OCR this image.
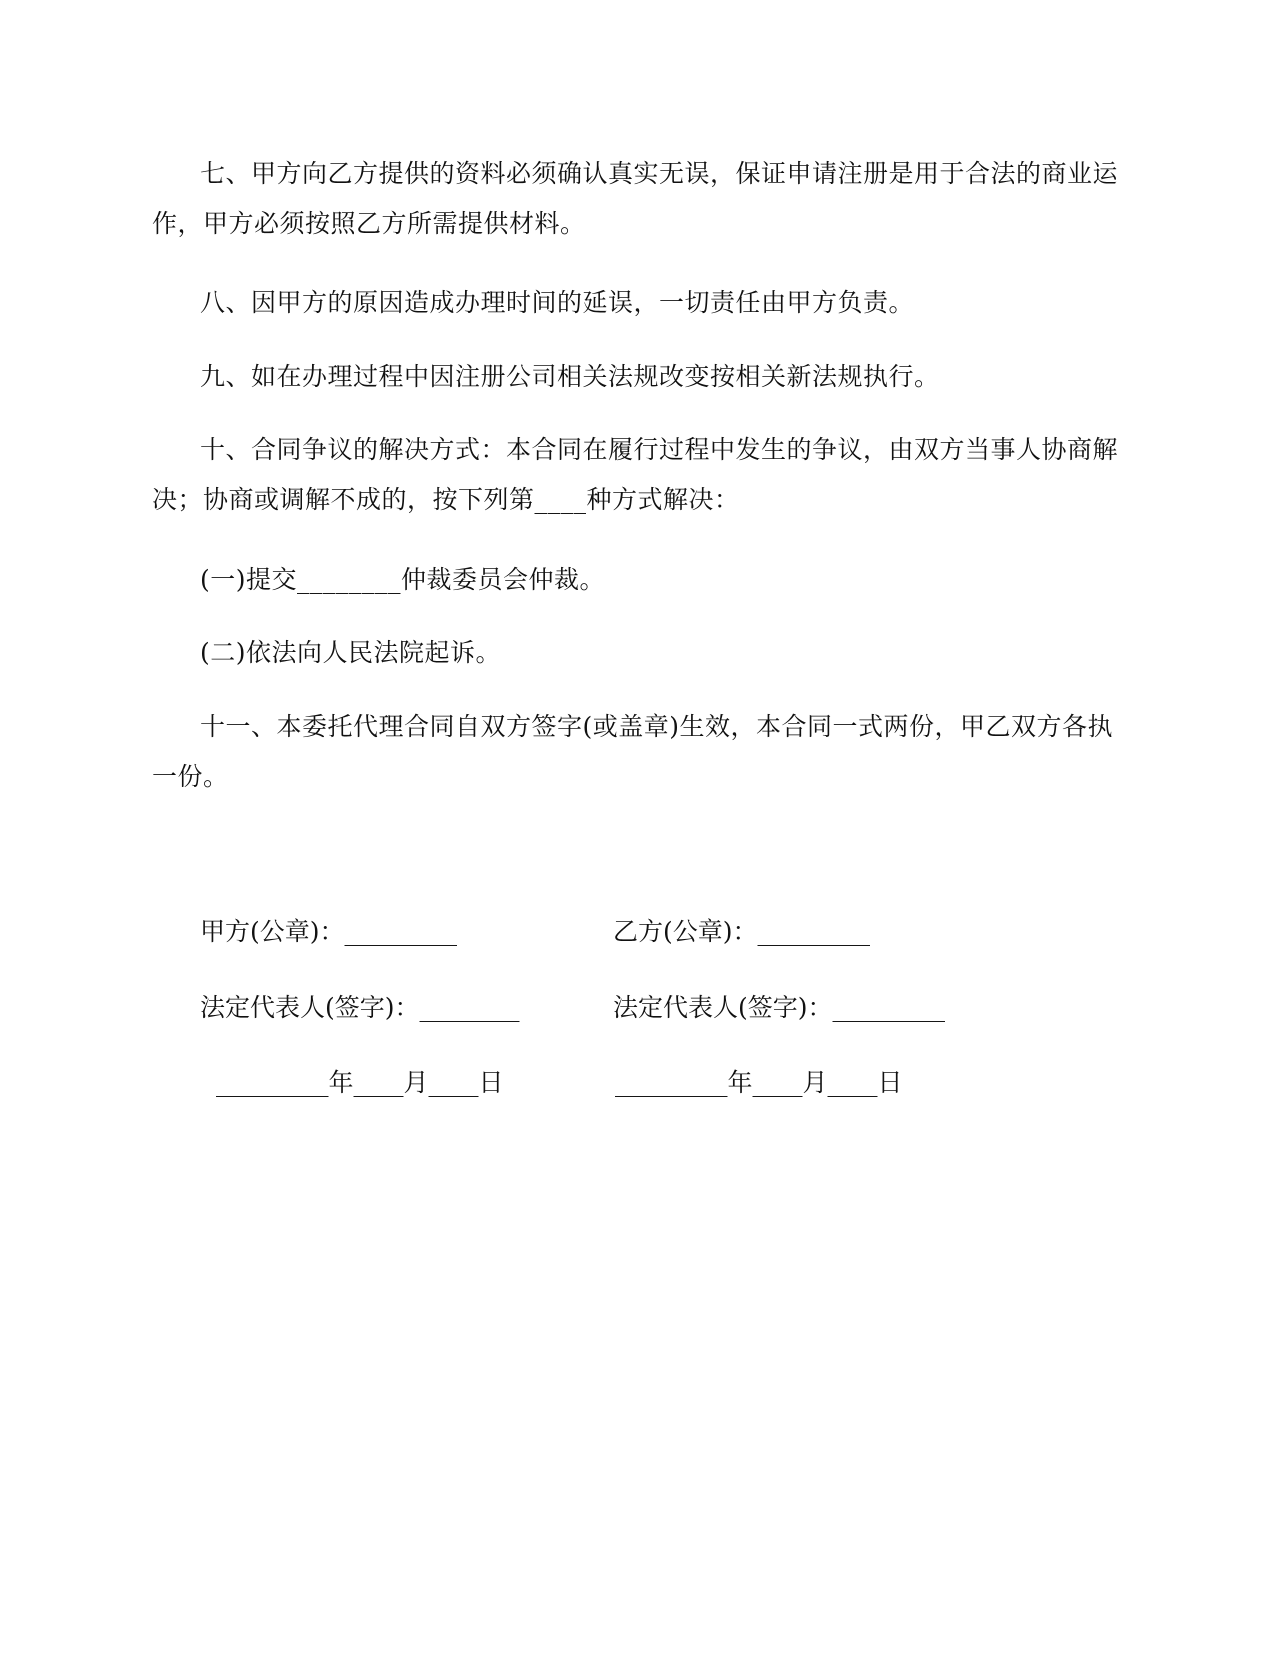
七、甲方向乙方提供的资料必须确认真实无误，保证申请注册是用于合法的商业运作，甲方必须按照乙方所需提供材料。

八、因甲方的原因造成办理时间的延误，一切责任由甲方负责。

九、如在办理过程中因注册公司相关法规改变按相关新法规执行。

十、合同争议的解决方式：本合同在履行过程中发生的争议，由双方当事人协商解决；协商或调解不成的，按下列第____种方式解决：

(一)提交________仲裁委员会仲裁。

(二)依法向人民法院起诉。

十一、本委托代理合同自双方签字(或盖章)生效，本合同一式两份，甲乙双方各执一份。

甲方(公章)：_________	乙方(公章)：_________
法定代表人(签字)：________	法定代表人(签字)：_________
_________年____月____日	_________年____月____日
